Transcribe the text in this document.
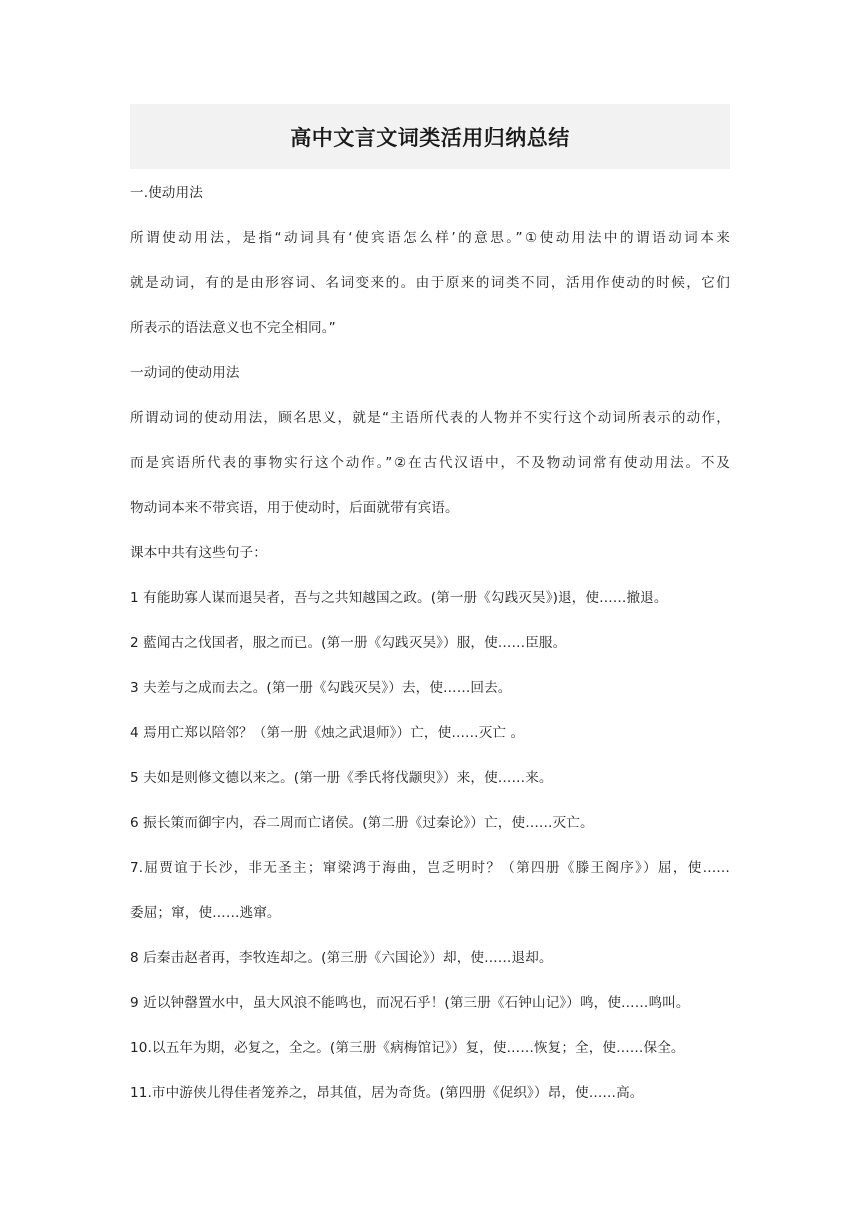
高中文言文词类活用归纳总结
一.使动用法
所谓使动用法，是指“动词具有‘使宾语怎么样’的意思。”①使动用法中的谓语动词本来
就是动词，有的是由形容词、名词变来的。由于原来的词类不同，活用作使动的时候，它们
所表示的语法意义也不完全相同。”
一动词的使动用法
所谓动词的使动用法，顾名思义，就是“主语所代表的人物并不实行这个动词所表示的动作，
而是宾语所代表的事物实行这个动作。”②在古代汉语中，不及物动词常有使动用法。不及
物动词本来不带宾语，用于使动时，后面就带有宾语。
课本中共有这些句子：
1 有能助寡人谋而退吴者，吾与之共知越国之政。(第一册《勾践灭吴》)退，使……撤退。
2 藍闻古之伐国者，服之而已。(第一册《勾践灭吴》）服，使……臣服。
3 夫差与之成而去之。(第一册《勾践灭吴》）去，使……回去。
4 焉用亡郑以陪邻？（第一册《烛之武退师》）亡，使……灭亡 。
5 夫如是则修文德以来之。(第一册《季氏将伐颛臾》）来，使……来。
6 振长策而御宇内，吞二周而亡诸侯。(第二册《过秦论》）亡，使……灭亡。
7.屈贾谊于长沙，非无圣主；窜梁鸿于海曲，岂乏明时？（第四册《滕王阁序》）屈，使……
委屈；窜，使……逃窜。
8 后秦击赵者再，李牧连却之。(第三册《六国论》）却，使……退却。
9 近以钟罄置水中，虽大风浪不能鸣也，而况石乎！(第三册《石钟山记》）鸣，使……鸣叫。
10.以五年为期，必复之，全之。(第三册《病梅馆记》）复，使……恢复；全，使……保全。
11.市中游侠儿得佳者笼养之，昂其值，居为奇货。(第四册《促织》）昂，使……高。
